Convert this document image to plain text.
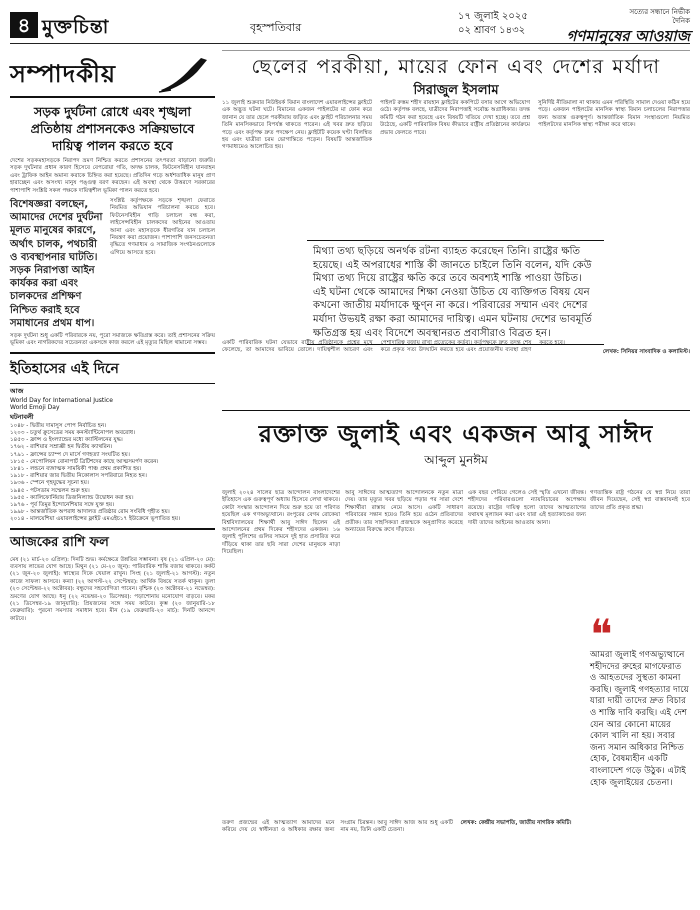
৪ মুক্তচিন্তা	বৃহস্পতিবার
১৭ জুলাই ২০২৫
০২ শ্রাবণ ১৪৩২
সত্যের সন্ধানে নির্ভীক
দৈনিক
গণমানুষের আওয়াজ
সম্পাদকীয়
সড়ক দুর্ঘটনা রোধে এবং শৃঙ্খলা প্রতিষ্ঠায় প্রশাসনকেও সক্রিয়ভাবে দায়িত্ব পালন করতে হবে
দেশের সড়কমহাসড়কে নিরাপদ ভ্রমণ নিশ্চিত করতে প্রশাসনের তৎপরতা বাড়ানো জরুরি। সড়ক দুর্ঘটনার প্রধান কারণ হিসেবে বেপরোয়া গতি, অদক্ষ চালক, ফিটনেসবিহীন যানবাহন এবং ট্রাফিক আইন অমান্য করাকে চিহ্নিত করা হয়েছে। প্রতিদিন গড়ে অর্ধশতাধিক মানুষ প্রাণ হারাচ্ছেন এবং অসংখ্য মানুষ পঙ্গুত্ব বরণ করছেন। এই অবস্থা থেকে উত্তরণে সরকারের পাশাপাশি সংশ্লিষ্ট সকল পক্ষকে দায়িত্বশীল ভূমিকা পালন করতে হবে।
বিশেষজ্ঞরা বলছেন, আমাদের দেশের দুর্ঘটনা মূলত মানুষের কারণে, অর্থাৎ চালক, পথচারী ও ব্যবস্থাপনার ঘাটতি। সড়ক নিরাপত্তা আইন কার্যকর করা এবং চালকদের প্রশিক্ষণ নিশ্চিত করাই হবে সমাধানের প্রথম ধাপ।
সংশ্লিষ্ট কর্তৃপক্ষকে সড়কে শৃঙ্খলা ফেরাতে নিয়মিত অভিযান পরিচালনা করতে হবে। ফিটনেসবিহীন গাড়ি চলাচল বন্ধ করা, লাইসেন্সবিহীন চালকদের আইনের আওতায় আনা এবং মহাসড়কে ধীরগতির যান চলাচল নিয়ন্ত্রণ করা প্রয়োজন। পাশাপাশি জনসচেতনতা বৃদ্ধিতে গণমাধ্যম ও সামাজিক সংগঠনগুলোকে এগিয়ে আসতে হবে।
সড়ক দুর্ঘটনা শুধু একটি পরিবারকে নয়, পুরো সমাজকে ক্ষতিগ্রস্ত করে। তাই প্রশাসনের সক্রিয় ভূমিকা এবং নাগরিকদের সচেতনতা একসঙ্গে কাজ করলে এই মৃত্যুর মিছিল থামানো সম্ভব।
ইতিহাসের এই দিনে
আজ
World Day for International Justice
World Emoji Day
ঘটনাবলী
১০৪৮ - দ্বিতীয় দামাসুস পোপ নির্বাচিত হন।
১২০৩ - চতুর্থ ক্রুসেডের সময় কনস্ট্যান্টিনোপল অবরোধ।
১৪৫৩ - ফ্রান্স ও ইংল্যান্ডের মধ্যে ক্যাস্টিলনের যুদ্ধ।
১৭৬২ - রাশিয়ার সম্রাজ্ঞী হন দ্বিতীয় ক্যাথরিন।
১৭৯১ - ফ্রান্সের চ্যাম্প দে মার্সে গণহত্যা সংঘটিত হয়।
১৮১৫ - নেপোলিয়ন বোনাপার্ট ব্রিটিশদের কাছে আত্মসমর্পণ করেন।
১৮৪১ - লন্ডনে ব্যঙ্গাত্মক সাময়িকী পাঞ্চ প্রথম প্রকাশিত হয়।
১৯১৮ - রাশিয়ার জার দ্বিতীয় নিকোলাস সপরিবারে নিহত হন।
১৯৩৬ - স্পেনে গৃহযুদ্ধের সূচনা হয়।
১৯৪৫ - পটসডাম সম্মেলন শুরু হয়।
১৯৫৫ - ক্যালিফোর্নিয়ায় ডিজনিল্যান্ড উদ্বোধন করা হয়।
১৯৭৬ - পূর্ব তিমুর ইন্দোনেশিয়ার সঙ্গে যুক্ত হয়।
১৯৯৮ - আন্তর্জাতিক অপরাধ আদালত প্রতিষ্ঠার রোম সংবিধি গৃহীত হয়।
২০১৪ - মালয়েশিয়া এয়ারলাইন্সের ফ্লাইট এমএইচ১৭ ইউক্রেনে ভূপাতিত হয়।
আজকের রাশি ফল
মেষ (২১ মার্চ-২০ এপ্রিল): দিনটি শুভ। কর্মক্ষেত্রে উন্নতির সম্ভাবনা। বৃষ (২১ এপ্রিল-২০ মে): ব্যবসায় লাভের যোগ আছে। মিথুন (২১ মে-২০ জুন): পারিবারিক শান্তি বজায় থাকবে। কর্কট (২১ জুন-২০ জুলাই): স্বাস্থ্যের দিকে খেয়াল রাখুন। সিংহ (২১ জুলাই-২১ আগস্ট): নতুন কাজে সাফল্য আসবে। কন্যা (২২ আগস্ট-২২ সেপ্টেম্বর): আর্থিক বিষয়ে সতর্ক থাকুন। তুলা (২৩ সেপ্টেম্বর-২২ অক্টোবর): বন্ধুদের সহযোগিতা পাবেন। বৃশ্চিক (২৩ অক্টোবর-২১ নভেম্বর): ভ্রমণের যোগ আছে। ধনু (২২ নভেম্বর-২০ ডিসেম্বর): পড়াশোনায় মনোযোগ বাড়বে। মকর (২১ ডিসেম্বর-১৯ জানুয়ারি): প্রিয়জনের সঙ্গে সময় কাটবে। কুম্ভ (২০ জানুয়ারি-১৮ ফেব্রুয়ারি): পুরনো সমস্যার সমাধান হবে। মীন (১৯ ফেব্রুয়ারি-২০ মার্চ): দিনটি আনন্দে কাটবে।
ছেলের পরকীয়া, মায়ের ফোন এবং দেশের মর্যাদা
সিরাজুল ইসলাম
১১ জুলাই শুক্রবার নিউইয়র্ক বিমান বাংলাদেশ এয়ারলাইন্সের ফ্লাইটে এক অদ্ভুত ঘটনা ঘটে। বিমানের একজন পাইলটের মা ফোন করে জানান যে তার ছেলে পরকীয়ায় জড়িত এবং ফ্লাইট পরিচালনার সময় তিনি মানসিকভাবে বিপর্যস্ত থাকতে পারেন। এই খবর দ্রুত ছড়িয়ে পড়ে এবং কর্তৃপক্ষ দ্রুত পদক্ষেপ নেয়। ফ্লাইটটি কয়েক ঘণ্টা বিলম্বিত হয় এবং যাত্রীরা চরম ভোগান্তিতে পড়েন। বিষয়টি আন্তর্জাতিক গণমাধ্যমেও আলোচিত হয়।
পাইলট রুস্তম শহীদ রায়হান ফ্লাইটের ককপিটে বসার আগে অভিযোগ ওঠে। কর্তৃপক্ষ বলছে, যাত্রীদের নিরাপত্তাই সর্বোচ্চ অগ্রাধিকার। তদন্ত কমিটি গঠন করা হয়েছে এবং বিষয়টি খতিয়ে দেখা হচ্ছে। তবে প্রশ্ন উঠেছে, একটি পারিবারিক বিষয় কীভাবে রাষ্ট্রীয় প্রতিষ্ঠানের কার্যক্রমে প্রভাব ফেলতে পারে।
সুনির্দিষ্ট নীতিমালা না থাকায় এমন পরিস্থিতি সামাল দেওয়া কঠিন হয়ে পড়ে। একজন পাইলটের মানসিক স্বাস্থ্য বিমান চলাচলের নিরাপত্তার জন্য অত্যন্ত গুরুত্বপূর্ণ। আন্তর্জাতিক বিমান সংস্থাগুলো নিয়মিত পাইলটদের মানসিক স্বাস্থ্য পরীক্ষা করে থাকে।

মিথ্যা তথ্য ছড়িয়ে অনর্থক রটনা ব্যাহত করেছেন তিনি। রাষ্ট্রের ক্ষতি হয়েছে। এই অপরাধের শাস্তি কী জানতে চাইলে তিনি বলেন, যদি কেউ মিথ্যা তথ্য দিয়ে রাষ্ট্রের ক্ষতি করে তবে অবশ্যই শাস্তি পাওয়া উচিত। এই ঘটনা থেকে আমাদের শিক্ষা নেওয়া উচিত যে ব্যক্তিগত বিষয় যেন কখনো জাতীয় মর্যাদাকে ক্ষুণ্ন না করে। পরিবারের সম্মান এবং দেশের মর্যাদা উভয়ই রক্ষা করা আমাদের দায়িত্ব। এমন ঘটনায় দেশের ভাবমূর্তি ক্ষতিগ্রস্ত হয় এবং বিদেশে অবস্থানরত প্রবাসীরাও বিব্রত হন।

একটি পারিবারিক ঘটনা যেভাবে রাষ্ট্রীয় প্রতিষ্ঠানকে প্রশ্নের মুখে ফেলেছে, তা আমাদের ভাবিয়ে তোলে। দায়িত্বশীল আচরণ এবং পেশাদারিত্ব বজায় রাখা প্রত্যেকের কর্তব্য। কর্তৃপক্ষকে দ্রুত তদন্ত শেষ করে প্রকৃত সত্য উদঘাটন করতে হবে এবং প্রয়োজনীয় ব্যবস্থা গ্রহণ করতে হবে।
লেখক: সিনিয়র সাংবাদিক ও কলামিস্ট।
রক্তাক্ত জুলাই এবং একজন আবু সাঈদ
আব্দুল মুনঈম
জুলাই ২০২৪ সালের ছাত্র আন্দোলন বাংলাদেশের ইতিহাসে এক গুরুত্বপূর্ণ অধ্যায় হিসেবে লেখা থাকবে। কোটা সংস্কার আন্দোলন দিয়ে শুরু হয়ে তা পরিণত হয়েছিল এক গণঅভ্যুত্থানে। রংপুরের বেগম রোকেয়া বিশ্ববিদ্যালয়ের শিক্ষার্থী আবু সাঈদ ছিলেন এই আন্দোলনের প্রথম দিকের শহীদদের একজন। ১৬ জুলাই পুলিশের গুলির সামনে দুই হাত প্রসারিত করে দাঁড়িয়ে থাকা তার ছবি সারা দেশের মানুষকে নাড়া দিয়েছিল।
আবু সাঈদের আত্মত্যাগ আন্দোলনকে নতুন মাত্রা দেয়। তার মৃত্যুর খবর ছড়িয়ে পড়ার পর সারা দেশে শিক্ষার্থীরা রাস্তায় নেমে আসে। একটি সাধারণ পরিবারের সন্তান হয়েও তিনি হয়ে ওঠেন প্রতিবাদের প্রতীক। তার সাহসিকতা প্রজন্মকে অনুপ্রাণিত করেছে অন্যায়ের বিরুদ্ধে রুখে দাঁড়াতে।
এক বছর পেরিয়ে গেলেও সেই স্মৃতি এখনো জীবন্ত। শহীদদের পরিবারগুলো ন্যায়বিচারের অপেক্ষায় রয়েছে। রাষ্ট্রের দায়িত্ব হলো তাদের আত্মত্যাগের যথাযথ মূল্যায়ন করা এবং যারা এই হত্যাকাণ্ডের জন্য দায়ী তাদের আইনের আওতায় আনা।
গণতান্ত্রিক রাষ্ট্র গঠনের যে স্বপ্ন নিয়ে তারা জীবন দিয়েছেন, সেই স্বপ্ন বাস্তবায়নই হবে তাদের প্রতি প্রকৃত শ্রদ্ধা।
❝

আমরা জুলাই গণঅভ্যুত্থানে শহীদদের রুহের মাগফেরাত ও আহতদের সুস্থতা কামনা করছি। জুলাই গণহত্যার দায়ে যারা দায়ী তাদের দ্রুত বিচার ও শাস্তি দাবি করছি। এই দেশ যেন আর কোনো মায়ের কোল খালি না হয়। সবার জন্য সমান অধিকার নিশ্চিত হোক, বৈষম্যহীন একটি বাংলাদেশ গড়ে উঠুক। এটাই হোক জুলাইয়ের চেতনা।

তরুণ প্রজন্মের এই আত্মত্যাগ আমাদের মনে করিয়ে দেয় যে স্বাধীনতা ও অধিকার রক্ষার জন্য সংগ্রাম চিরন্তন। আবু সাঈদ আজ আর শুধু একটি নাম নয়, তিনি একটি চেতনা।
লেখক: কেন্দ্রীয় সভাপতি, জাতীয় নাগরিক কমিটি।
